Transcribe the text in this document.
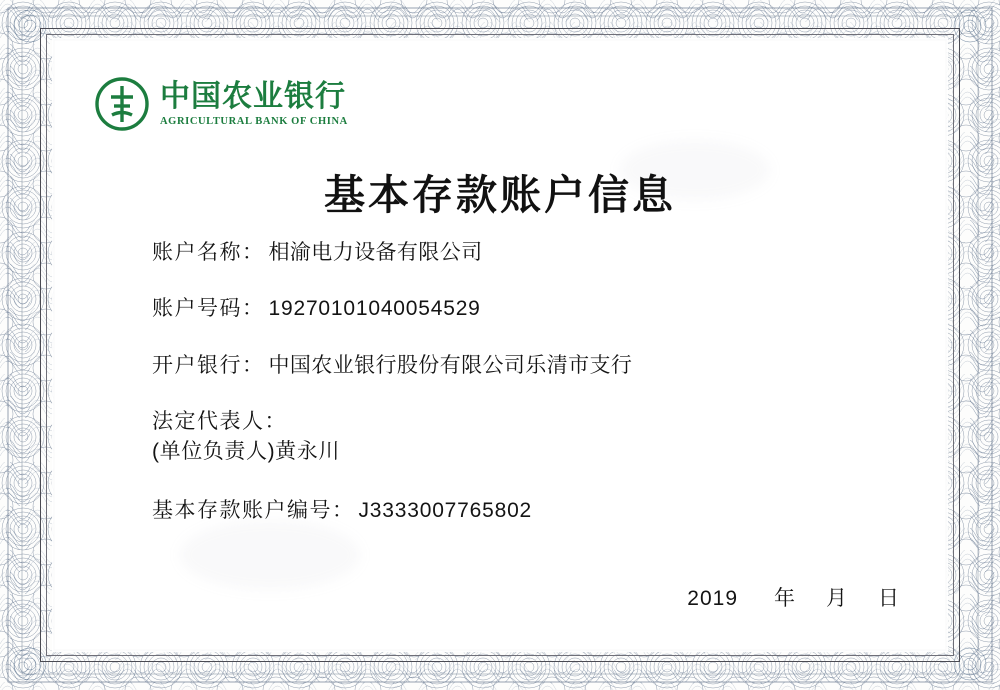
中国农业银行
AGRICULTURAL BANK OF CHINA
基本存款账户信息
账户名称： 相渝电力设备有限公司
账户号码： 19270101040054529
开户银行： 中国农业银行股份有限公司乐清市支行
法定代表人：
(单位负责人)黄永川
基本存款账户编号： J3333007765802
2019 年 月 日
